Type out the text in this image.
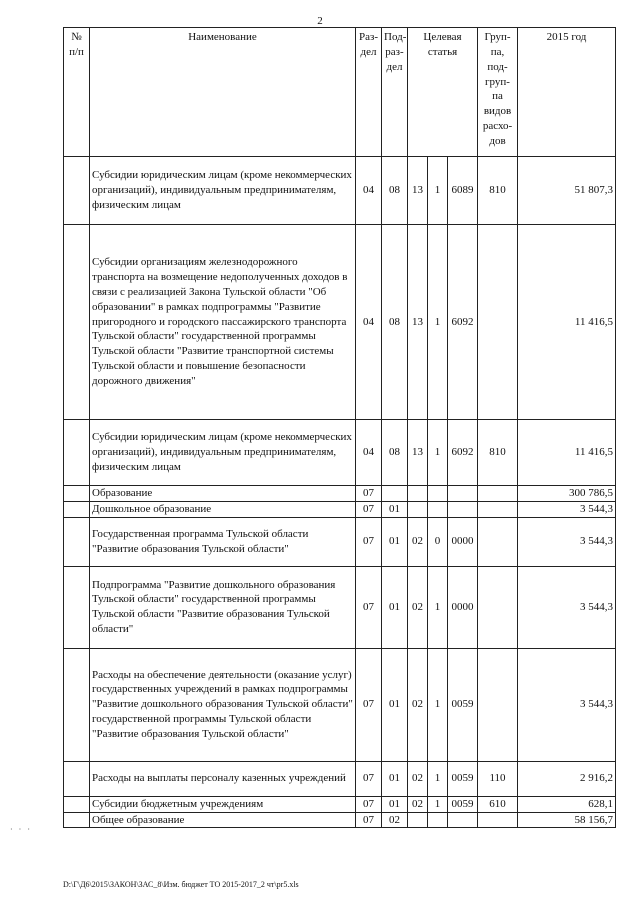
2
№ п/п	Наименование	Раз- дел	Под- раз- дел	Целевая статья			Груп- па, под- груп- па видов расхо- дов	2015 год
	Субсидии юридическим лицам (кроме некоммерческих организаций), индивидуальным предпринимателям, физическим лицам	04	08	13	1	6089	810	51 807,3
	Субсидии организациям железнодорожного транспорта на возмещение недополученных доходов в связи с реализацией Закона Тульской области "Об образовании" в рамках подпрограммы "Развитие пригородного и городского пассажирского транспорта Тульской области" государственной программы Тульской области "Развитие транспортной системы Тульской области и повышение безопасности дорожного движения"	04	08	13	1	6092		11 416,5
	Субсидии юридическим лицам (кроме некоммерческих организаций), индивидуальным предпринимателям, физическим лицам	04	08	13	1	6092	810	11 416,5
	Образование	07						300 786,5
	Дошкольное образование	07	01					3 544,3
	Государственная программа Тульской области "Развитие образования Тульской области"	07	01	02	0	0000		3 544,3
	Подпрограмма "Развитие дошкольного образования Тульской области" государственной программы Тульской области "Развитие образования Тульской области"	07	01	02	1	0000		3 544,3
	Расходы на обеспечение деятельности (оказание услуг) государственных учреждений в рамках подпрограммы "Развитие дошкольного образования Тульской области" государственной программы Тульской области "Развитие образования Тульской области"	07	01	02	1	0059		3 544,3
	Расходы на выплаты персоналу казенных учреждений	07	01	02	1	0059	110	2 916,2
	Субсидии бюджетным учреждениям	07	01	02	1	0059	610	628,1
	Общее образование	07	02					58 156,7
· · ·
D:\Г\Д6\2015\ЗАКОН\ЗАС_8\Изм. бюджет ТО 2015-2017_2 чт\pr5.xls
